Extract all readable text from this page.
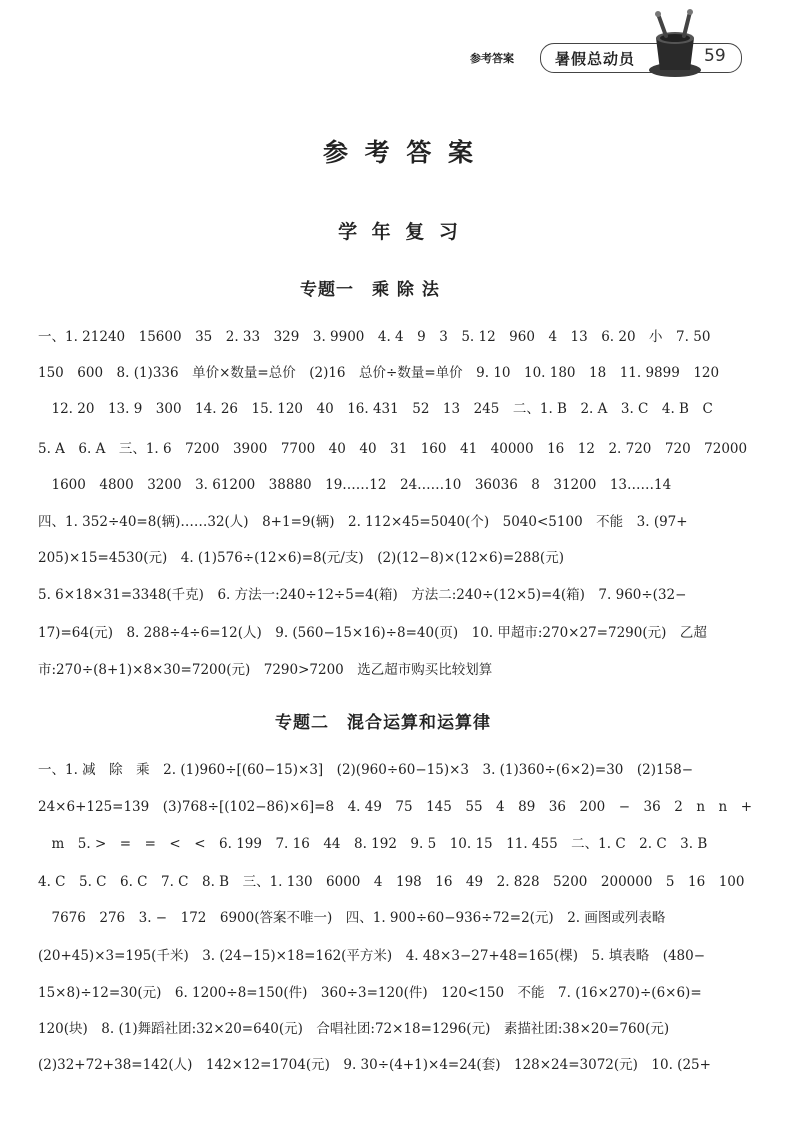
参考答案	暑假总动员	59
参 考 答 案
学 年 复 习
专题一　乘 除 法
一、1. 21240　15600　35　2. 33　329　3. 9900　4. 4　9　3　5. 12　960　4　13　6. 20　小　7. 50
150　600　8. (1)336　单价×数量=总价　(2)16　总价÷数量=单价　9. 10　10. 180　18　11. 9899　120
　12. 20　13. 9　300　14. 26　15. 120　40　16. 431　52　13　245　二、1. B　2. A　3. C　4. B　C
5. A　6. A　三、1. 6　7200　3900　7700　40　40　31　160　41　40000　16　12　2. 720　720　72000
　1600　4800　3200　3. 61200　38880　19……12　24……10　36036　8　31200　13……14
四、1. 352÷40=8(辆)……32(人)　8+1=9(辆)　2. 112×45=5040(个)　5040<5100　不能　3. (97+
205)×15=4530(元)　4. (1)576÷(12×6)=8(元/支)　(2)(12−8)×(12×6)=288(元)
5. 6×18×31=3348(千克)　6. 方法一:240÷12÷5=4(箱)　方法二:240÷(12×5)=4(箱)　7. 960÷(32−
17)=64(元)　8. 288÷4÷6=12(人)　9. (560−15×16)÷8=40(页)　10. 甲超市:270×27=7290(元)　乙超
市:270÷(8+1)×8×30=7200(元)　7290>7200　选乙超市购买比较划算
专题二　混合运算和运算律
一、1. 减　除　乘　2. (1)960÷[(60−15)×3]　(2)(960÷60−15)×3　3. (1)360÷(6×2)=30　(2)158−
24×6+125=139　(3)768÷[(102−86)×6]=8　4. 49　75　145　55　4　89　36　200　−　36　2　n　n　+
　m　5. >　=　=　<　<　6. 199　7. 16　44　8. 192　9. 5　10. 15　11. 455　二、1. C　2. C　3. B
4. C　5. C　6. C　7. C　8. B　三、1. 130　6000　4　198　16　49　2. 828　5200　200000　5　16　100
　7676　276　3. −　172　6900(答案不唯一)　四、1. 900÷60−936÷72=2(元)　2. 画图或列表略
(20+45)×3=195(千米)　3. (24−15)×18=162(平方米)　4. 48×3−27+48=165(棵)　5. 填表略　(480−
15×8)÷12=30(元)　6. 1200÷8=150(件)　360÷3=120(件)　120<150　不能　7. (16×270)÷(6×6)=
120(块)　8. (1)舞蹈社团:32×20=640(元)　合唱社团:72×18=1296(元)　素描社团:38×20=760(元)
(2)32+72+38=142(人)　142×12=1704(元)　9. 30÷(4+1)×4=24(套)　128×24=3072(元)　10. (25+
